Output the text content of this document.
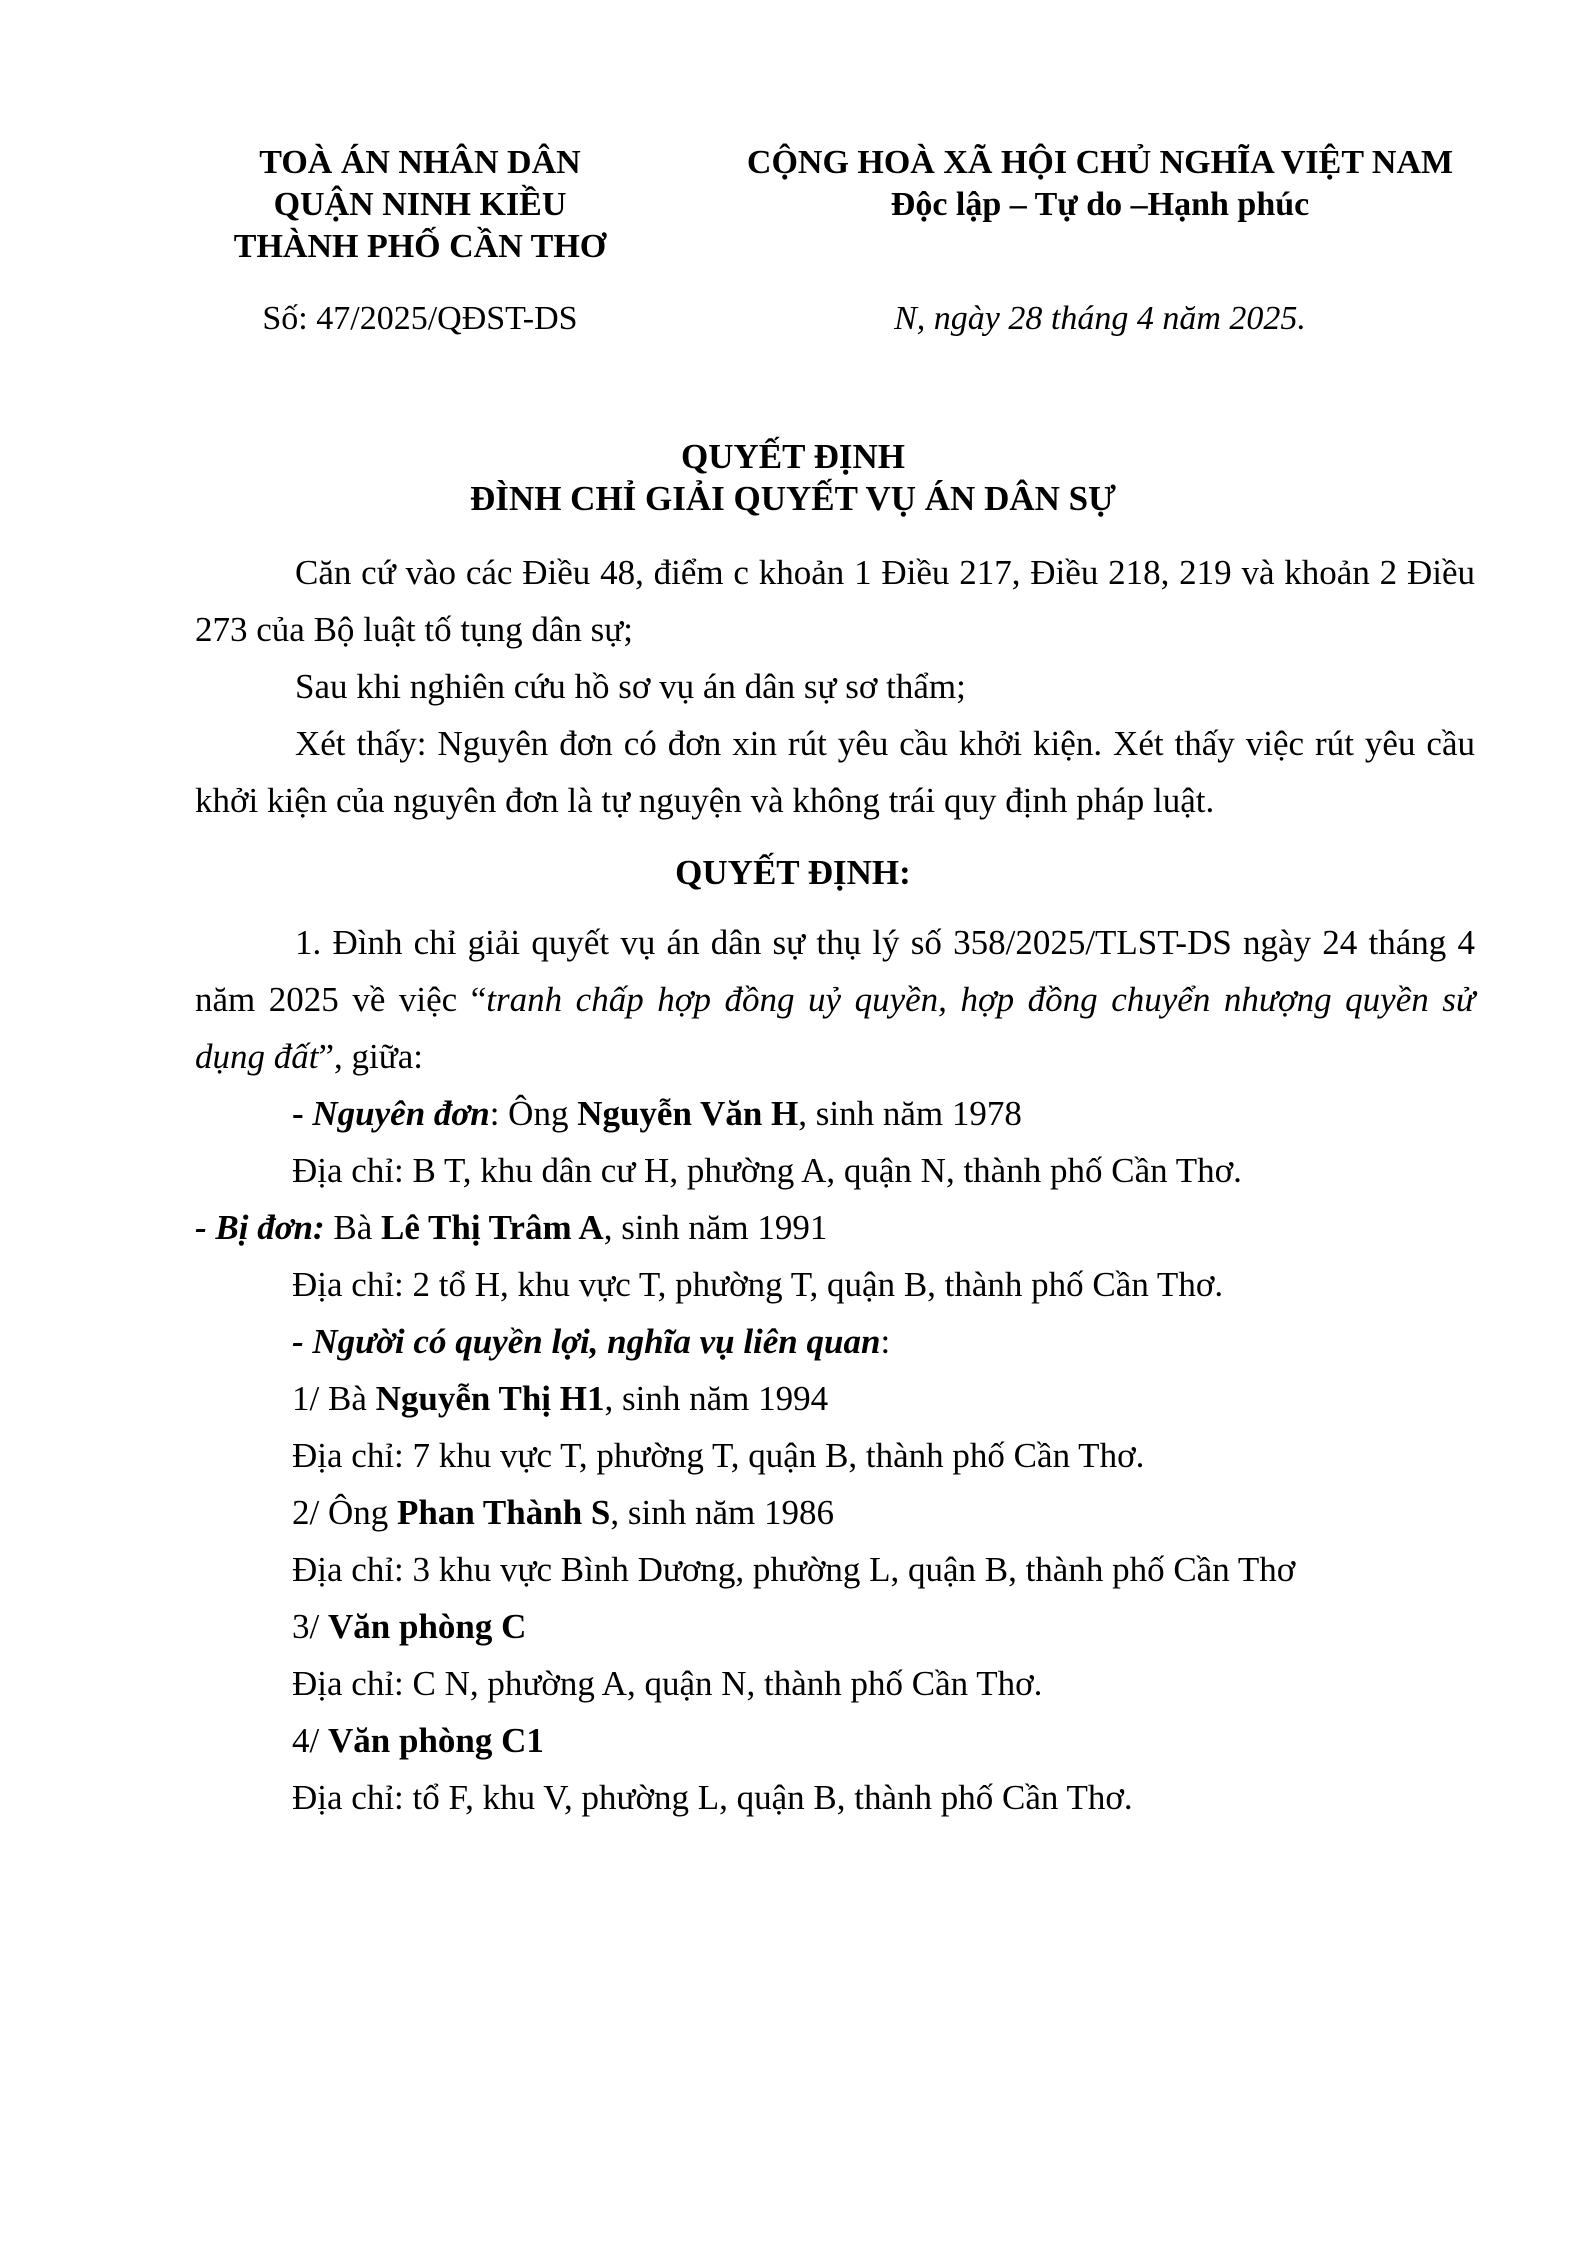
TOÀ ÁN NHÂN DÂN
QUẬN NINH KIỀU
THÀNH PHỐ CẦN THƠ
CỘNG HOÀ XÃ HỘI CHỦ NGHĨA VIỆT NAM
Độc lập – Tự do –Hạnh phúc
Số: 47/2025/QĐST-DS	N, ngày 28 tháng 4 năm 2025.
QUYẾT ĐỊNH
ĐÌNH CHỈ GIẢI QUYẾT VỤ ÁN DÂN SỰ
Căn cứ vào các Điều 48, điểm c khoản 1 Điều 217, Điều 218, 219 và khoản 2 Điều 273 của Bộ luật tố tụng dân sự;
Sau khi nghiên cứu hồ sơ vụ án dân sự sơ thẩm;
Xét thấy: Nguyên đơn có đơn xin rút yêu cầu khởi kiện. Xét thấy việc rút yêu cầu khởi kiện của nguyên đơn là tự nguyện và không trái quy định pháp luật.
QUYẾT ĐỊNH:
1. Đình chỉ giải quyết vụ án dân sự thụ lý số 358/2025/TLST-DS ngày 24 tháng 4 năm 2025 về việc “tranh chấp hợp đồng uỷ quyền, hợp đồng chuyển nhượng quyền sử dụng đất”, giữa:
- Nguyên đơn: Ông Nguyễn Văn H, sinh năm 1978
Địa chỉ: B T, khu dân cư H, phường A, quận N, thành phố Cần Thơ.
- Bị đơn: Bà Lê Thị Trâm A, sinh năm 1991
Địa chỉ: 2 tổ H, khu vực T, phường T, quận B, thành phố Cần Thơ.
- Người có quyền lợi, nghĩa vụ liên quan:
1/ Bà Nguyễn Thị H1, sinh năm 1994
Địa chỉ: 7 khu vực T, phường T, quận B, thành phố Cần Thơ.
2/ Ông Phan Thành S, sinh năm 1986
Địa chỉ: 3 khu vực Bình Dương, phường L, quận B, thành phố Cần Thơ
3/ Văn phòng C
Địa chỉ: C N, phường A, quận N, thành phố Cần Thơ.
4/ Văn phòng C1
Địa chỉ: tổ F, khu V, phường L, quận B, thành phố Cần Thơ.
